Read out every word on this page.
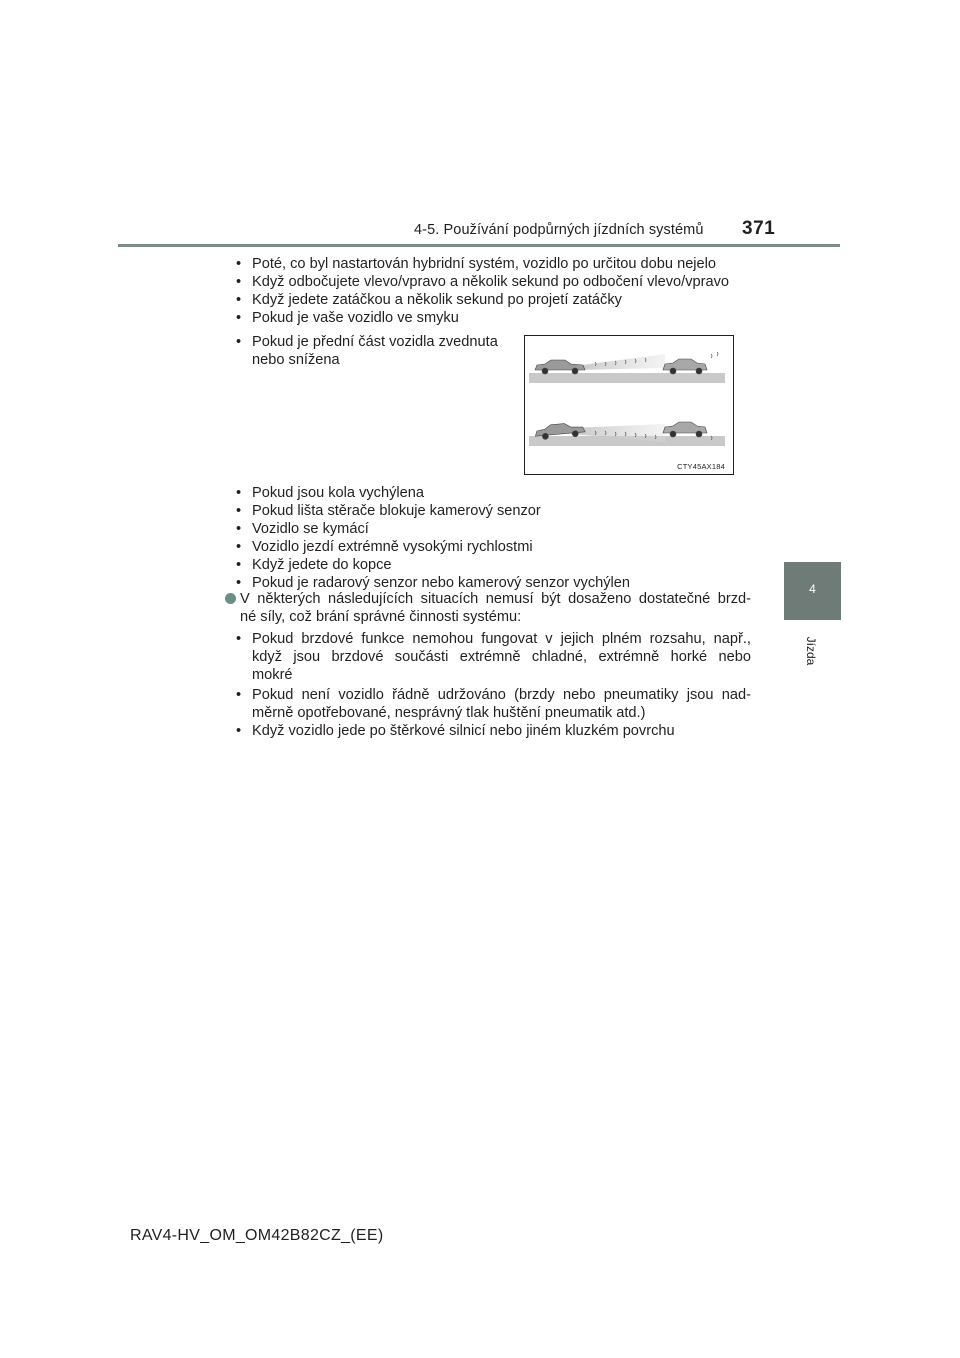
4-5. Používání podpůrných jízdních systémů 371
4
Jízda
• Poté, co byl nastartován hybridní systém, vozidlo po určitou dobu nejelo
• Když odbočujete vlevo/vpravo a několik sekund po odbočení vlevo/vpravo
• Když jedete zatáčkou a několik sekund po projetí zatáčky
• Pokud je vaše vozidlo ve smyku
• Pokud je přední část vozidla zvednuta
nebo snížena
CTY45AX184
• Pokud jsou kola vychýlena
• Pokud lišta stěrače blokuje kamerový senzor
• Vozidlo se kymácí
• Vozidlo jezdí extrémně vysokými rychlostmi
• Když jedete do kopce
• Pokud je radarový senzor nebo kamerový senzor vychýlen
V některých následujících situacích nemusí být dosaženo dostatečné brzd-
né síly, což brání správné činnosti systému:
• Pokud brzdové funkce nemohou fungovat v jejich plném rozsahu, např.,
když jsou brzdové součásti extrémně chladné, extrémně horké nebo
mokré
• Pokud není vozidlo řádně udržováno (brzdy nebo pneumatiky jsou nad-
měrně opotřebované, nesprávný tlak huštění pneumatik atd.)
• Když vozidlo jede po štěrkové silnicí nebo jiném kluzkém povrchu
RAV4-HV_OM_OM42B82CZ_(EE)
